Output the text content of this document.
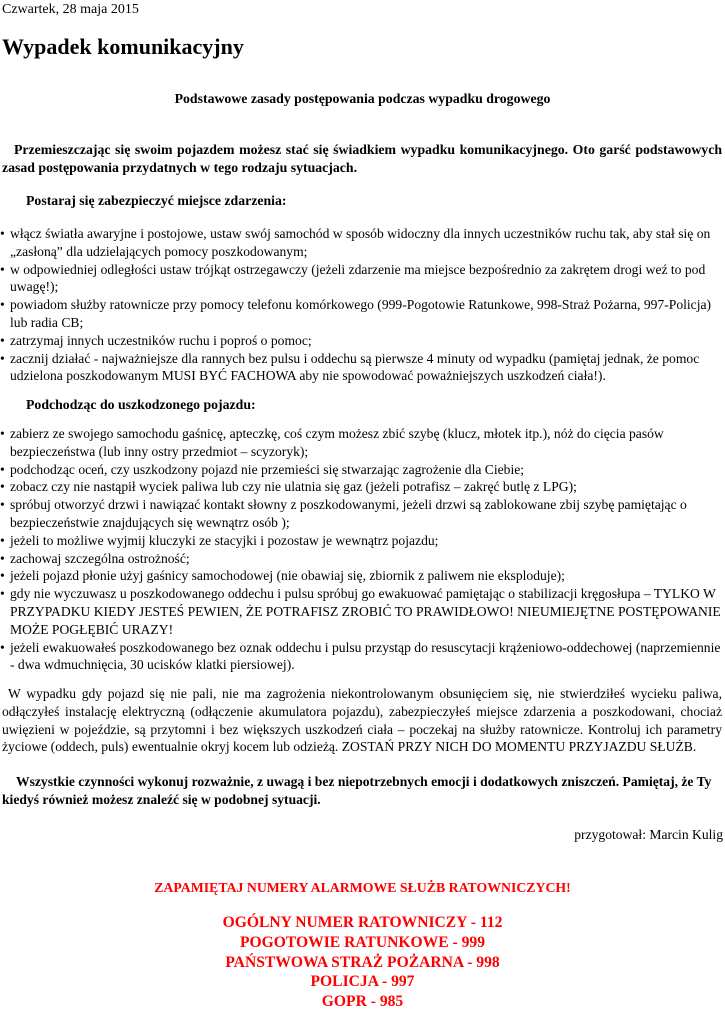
Czwartek, 28 maja 2015
Wypadek komunikacyjny

Podstawowe zasady postępowania podczas wypadku drogowego

Przemieszczając się swoim pojazdem możesz stać się świadkiem wypadku komunikacyjnego. Oto garść podstawowych zasad postępowania przydatnych w tego rodzaju sytuacjach.

Postaraj się zabezpieczyć miejsce zdarzenia:

• włącz światła awaryjne i postojowe, ustaw swój samochód w sposób widoczny dla innych uczestników ruchu tak, aby stał się on „zasłoną” dla udzielających pomocy poszkodowanym;
• w odpowiedniej odległości ustaw trójkąt ostrzegawczy (jeżeli zdarzenie ma miejsce bezpośrednio za zakrętem drogi weź to pod uwagę!);
• powiadom służby ratownicze przy pomocy telefonu komórkowego (999-Pogotowie Ratunkowe, 998-Straż Pożarna, 997-Policja) lub radia CB;
• zatrzymaj innych uczestników ruchu i poproś o pomoc;
• zacznij działać - najważniejsze dla rannych bez pulsu i oddechu są pierwsze 4 minuty od wypadku (pamiętaj jednak, że pomoc udzielona poszkodowanym MUSI BYĆ FACHOWA aby nie spowodować poważniejszych uszkodzeń ciała!).

Podchodząc do uszkodzonego pojazdu:

• zabierz ze swojego samochodu gaśnicę, apteczkę, coś czym możesz zbić szybę (klucz, młotek itp.), nóż do cięcia pasów bezpieczeństwa (lub inny ostry przedmiot – scyzoryk);
• podchodząc oceń, czy uszkodzony pojazd nie przemieści się stwarzając zagrożenie dla Ciebie;
• zobacz czy nie nastąpił wyciek paliwa lub czy nie ulatnia się gaz (jeżeli potrafisz – zakręć butlę z LPG);
• spróbuj otworzyć drzwi i nawiązać kontakt słowny z poszkodowanymi, jeżeli drzwi są zablokowane zbij szybę pamiętając o bezpieczeństwie znajdujących się wewnątrz osób );
• jeżeli to możliwe wyjmij kluczyki ze stacyjki i pozostaw je wewnątrz pojazdu;
• zachowaj szczególna ostrożność;
• jeżeli pojazd płonie użyj gaśnicy samochodowej (nie obawiaj się, zbiornik z paliwem nie eksploduje);
• gdy nie wyczuwasz u poszkodowanego oddechu i pulsu spróbuj go ewakuować pamiętając o stabilizacji kręgosłupa – TYLKO W PRZYPADKU KIEDY JESTEŚ PEWIEN, ŻE POTRAFISZ ZROBIĆ TO PRAWIDŁOWO! NIEUMIEJĘTNE POSTĘPOWANIE MOŻE POGŁĘBIĆ URAZY!
• jeżeli ewakuowałeś poszkodowanego bez oznak oddechu i pulsu przystąp do resuscytacji krążeniowo-oddechowej (naprzemiennie - dwa wdmuchnięcia, 30 ucisków klatki piersiowej).

W wypadku gdy pojazd się nie pali, nie ma zagrożenia niekontrolowanym obsunięciem się, nie stwierdziłeś wycieku paliwa, odłączyłeś instalację elektryczną (odłączenie akumulatora pojazdu), zabezpieczyłeś miejsce zdarzenia a poszkodowani, chociaż uwięzieni w pojeździe, są przytomni i bez większych uszkodzeń ciała – poczekaj na służby ratownicze. Kontroluj ich parametry życiowe (oddech, puls) ewentualnie okryj kocem lub odzieżą. ZOSTAŃ PRZY NICH DO MOMENTU PRZYJAZDU SŁUŻB.

Wszystkie czynności wykonuj rozważnie, z uwagą i bez niepotrzebnych emocji i dodatkowych zniszczeń. Pamiętaj, że Ty kiedyś również możesz znaleźć się w podobnej sytuacji.

przygotował: Marcin Kulig

ZAPAMIĘTAJ NUMERY ALARMOWE SŁUŻB RATOWNICZYCH!

OGÓLNY NUMER RATOWNICZY - 112
POGOTOWIE RATUNKOWE - 999
PAŃSTWOWA STRAŻ POŻARNA - 998
POLICJA - 997
GOPR - 985
